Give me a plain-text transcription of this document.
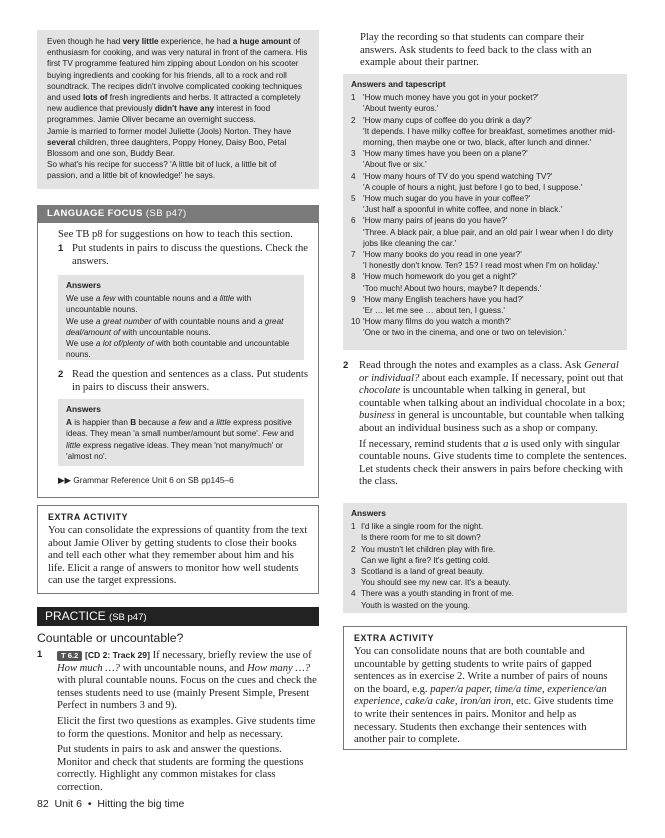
Even though he had very little experience, he had a huge amount of enthusiasm for cooking, and was very natural in front of the camera. His first TV programme featured him zipping about London on his scooter buying ingredients and cooking for his friends, all to a rock and roll soundtrack. The recipes didn't involve complicated cooking techniques and used lots of fresh ingredients and herbs. It attracted a completely new audience that previously didn't have any interest in food programmes. Jamie Oliver became an overnight success.
Jamie is married to former model Juliette (Jools) Norton. They have several children, three daughters, Poppy Honey, Daisy Boo, Petal Blossom and one son, Buddy Bear.
So what's his recipe for success? 'A little bit of luck, a little bit of passion, and a little bit of knowledge!' he says.
LANGUAGE FOCUS (SB p47)
See TB p8 for suggestions on how to teach this section.
1 Put students in pairs to discuss the questions. Check the answers.
Answers
We use a few with countable nouns and a little with uncountable nouns.
We use a great number of with countable nouns and a great deal/amount of with uncountable nouns.
We use a lot of/plenty of with both countable and uncountable nouns.
2 Read the question and sentences as a class. Put students in pairs to discuss their answers.
Answers
A is happier than B because a few and a little express positive ideas. They mean 'a small number/amount but some'. Few and little express negative ideas. They mean 'not many/much' or 'almost no'.
▶▶ Grammar Reference Unit 6 on SB pp145–6
EXTRA ACTIVITY
You can consolidate the expressions of quantity from the text about Jamie Oliver by getting students to close their books and tell each other what they remember about him and his life. Elicit a range of answers to monitor how well students can use the target expressions.
PRACTICE (SB p47)
Countable or uncountable?
1	T 6.2 [CD 2: Track 29] If necessary, briefly review the use of How much …? with uncountable nouns, and How many …? with plural countable nouns. Focus on the cues and check the tenses students need to use (mainly Present Simple, Present Perfect in numbers 3 and 9).
Elicit the first two questions as examples. Give students time to form the questions. Monitor and help as necessary.
Put students in pairs to ask and answer the questions. Monitor and check that students are forming the questions correctly. Highlight any common mistakes for class correction.
82 Unit 6 • Hitting the big time
Play the recording so that students can compare their answers. Ask students to feed back to the class with an example about their partner.
Answers and tapescript
1 'How much money have you got in your pocket?'
'About twenty euros.'
2 'How many cups of coffee do you drink a day?'
'It depends. I have milky coffee for breakfast, sometimes another mid-morning, then maybe one or two, black, after lunch and dinner.'
3 'How many times have you been on a plane?'
'About five or six.'
4 'How many hours of TV do you spend watching TV?'
'A couple of hours a night, just before I go to bed, I suppose.'
5 'How much sugar do you have in your coffee?'
'Just half a spoonful in white coffee, and none in black.'
6 'How many pairs of jeans do you have?'
'Three. A black pair, a blue pair, and an old pair I wear when I do dirty jobs like cleaning the car.'
7 'How many books do you read in one year?'
'I honestly don't know. Ten? 15? I read most when I'm on holiday.'
8 'How much homework do you get a night?'
'Too much! About two hours, maybe? It depends.'
9 'How many English teachers have you had?'
'Er … let me see … about ten, I guess.'
10 'How many films do you watch a month?'
'One or two in the cinema, and one or two on television.'
2	Read through the notes and examples as a class. Ask General or individual? about each example. If necessary, point out that chocolate is uncountable when talking in general, but countable when talking about an individual chocolate in a box; business in general is uncountable, but countable when talking about an individual business such as a shop or company.
If necessary, remind students that a is used only with singular countable nouns. Give students time to complete the sentences. Let students check their answers in pairs before checking with the class.
Answers
1 I'd like a single room for the night.
Is there room for me to sit down?
2 You mustn't let children play with fire.
Can we light a fire? It's getting cold.
3 Scotland is a land of great beauty.
You should see my new car. It's a beauty.
4 There was a youth standing in front of me.
Youth is wasted on the young.
EXTRA ACTIVITY
You can consolidate nouns that are both countable and uncountable by getting students to write pairs of gapped sentences as in exercise 2. Write a number of pairs of nouns on the board, e.g. paper/a paper, time/a time, experience/an experience, cake/a cake, iron/an iron, etc. Give students time to write their sentences in pairs. Monitor and help as necessary. Students then exchange their sentences with another pair to complete.
